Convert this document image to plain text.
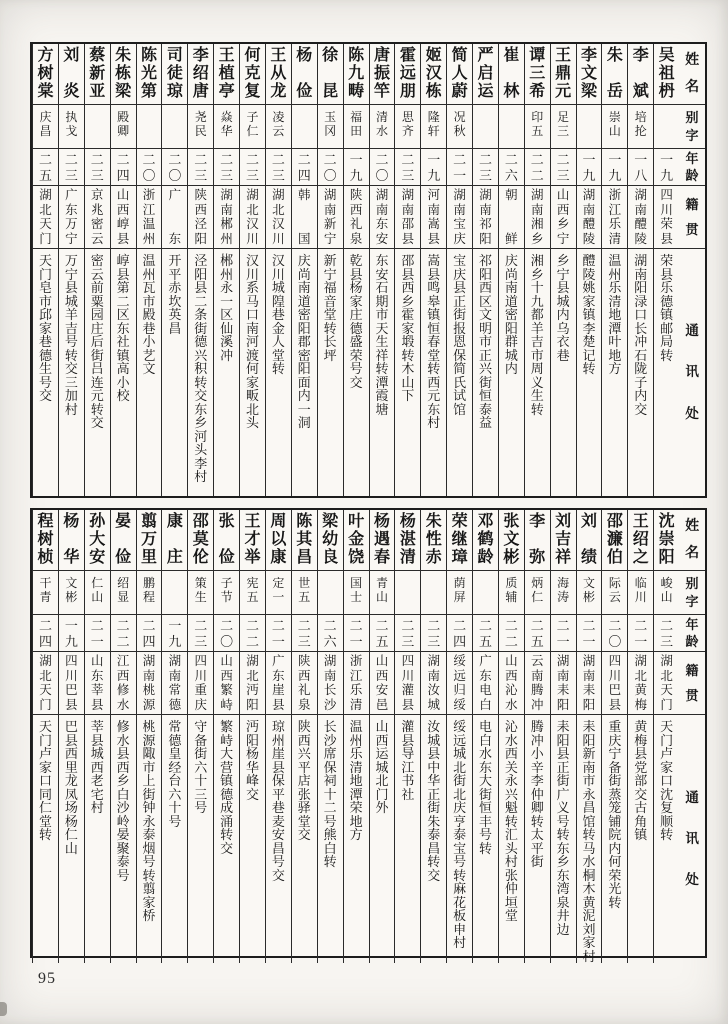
姓
名
别
字
年
龄
籍
贯
通
讯
处
吴
祖
枬
一
九
四
川
荣
县
荣
县
乐
德
镇
邮
局
转
李
斌
培
抡
一
八
湖
南
醴
陵
湖
南
阳
渌
口
长
冲
石
陇
子
内
交
朱
岳
崇
山
一
九
浙
江
乐
清
温
州
乐
清
地
潭
叶
地
方
李
文
梁
一
九
湖
南
醴
陵
醴
陵
姚
家
镇
李
楚
记
转
王
鼎
元
足
三
二
三
山
西
乡
宁
乡
宁
县
城
内
乌
衣
巷
谭
三
希
印
五
二
二
湖
南
湘
乡
湘
乡
十
九
都
羊
吉
市
周
义
生
转
崔
林
二
六
朝
鲜
庆
尚
南
道
密
阳
群
城
内
严
启
运
二
三
湖
南
祁
阳
祁
阳
西
区
文
明
市
正
兴
街
恒
泰
益
简
人
蔚
况
秋
二
一
湖
南
宝
庆
宝
庆
县
正
街
报
恩
保
简
氏
试
馆
姬
汉
栋
隆
轩
一
九
河
南
嵩
县
嵩
县
鸣
皋
镇
恒
春
堂
转
西
元
东
村
霍
远
朋
思
齐
二
三
湖
南
邵
县
邵
县
西
乡
霍
家
塅
转
木
山
下
唐
振
竿
清
水
二
〇
湖
南
东
安
东
安
石
期
市
天
生
祥
转
潭
霞
塘
陈
九
畴
福
田
一
九
陕
西
礼
泉
乾
县
杨
家
庄
德
盛
荣
号
交
徐
昆
玉
冈
二
〇
湖
南
新
宁
新
宁
福
音
堂
转
长
坪
杨
俭
二
四
韩
国
庆
尚
南
道
密
阳
郡
密
阳
面
内
一
洞
王
从
龙
凌
云
二
三
湖
北
汉
川
汉
川
城
隍
巷
金
人
堂
转
何
克
复
子
仁
二
三
湖
北
汉
川
汉
川
系
马
口
南
河
渡
何
家
畈
北
头
王
植
亭
焱
华
二
三
湖
南
郴
州
郴
州
永
一
区
仙
溪
冲
李
绍
唐
尧
民
二
三
陕
西
泾
阳
泾
阳
县
二
条
街
德
兴
积
转
交
东
乡
河
头
李
村
司
徒
琼
二
〇
广
东
开
平
赤
坎
英
昌
陈
光
第
二
〇
浙
江
温
州
温
州
瓦
市
殿
巷
小
艺
文
朱
栋
梁
殿
卿
二
四
山
西
崞
县
崞
县
第
二
区
东
社
镇
高
小
校
蔡
新
亚
二
三
京
兆
密
云
密
云
前
粟
园
庄
后
街
吕
连
元
转
交
刘
炎
执
戈
二
三
广
东
万
宁
万
宁
县
城
羊
吉
号
转
交
三
加
村
方
树
棠
庆
昌
二
五
湖
北
天
门
天
门
皂
市
邱
家
巷
德
生
号
交
姓
名
别
字
年
龄
籍
贯
通
讯
处
沈
崇
阳
峻
山
二
三
湖
北
天
门
天
门
卢
家
口
沈
复
顺
转
王
绍
之
临
川
二
一
湖
北
黄
梅
黄
梅
县
党
部
交
古
角
镇
邵
濂
伯
际
云
二
〇
四
川
巴
县
重
庆
宁
备
街
蒸
笼
铺
院
内
何
荣
光
转
刘
绩
文
彬
二
一
湖
南
耒
阳
耒
阳
新
南
市
永
昌
馆
转
马
水
桐
木
黄
泥
刘
家
村
刘
吉
祥
海
涛
二
一
湖
南
耒
阳
耒
阳
县
正
街
广
义
号
转
东
乡
东
湾
泉
井
边
李
弥
炳
仁
二
五
云
南
腾
冲
腾
冲
小
辛
李
仲
卿
转
太
平
街
张
文
彬
质
辅
二
二
山
西
沁
水
沁
水
西
关
永
兴
魁
转
汇
头
村
张
仲
垣
堂
邓
鹤
龄
二
五
广
东
电
白
电
白
水
东
大
街
恒
丰
号
转
荣
继
璋
荫
屏
二
四
绥
远
归
绥
绥
远
城
北
街
北
庆
亨
泰
宝
号
转
麻
花
板
申
村
朱
性
赤
二
三
湖
南
汝
城
汝
城
县
中
华
正
街
朱
泰
昌
转
交
杨
湛
清
二
三
四
川
灌
县
灌
县
导
江
书
社
杨
遇
春
青
山
二
五
山
西
安
邑
山
西
运
城
北
门
外
叶
金
饶
国
士
二
一
浙
江
乐
清
温
州
乐
清
地
潭
荣
地
方
梁
幼
良
二
六
湖
南
长
沙
长
沙
席
保
祠
十
二
号
熊
白
转
陈
其
昌
世
五
二
三
陕
西
礼
泉
陕
西
兴
平
店
张
驿
堂
交
周
以
康
定
一
二
一
广
东
崖
县
琼
州
崖
县
保
平
巷
麦
安
昌
号
交
王
才
举
宪
五
二
二
湖
北
沔
阳
沔
阳
杨
华
峰
交
张
俭
子
节
二
〇
山
西
繁
峙
繁
峙
大
营
镇
德
成
涌
转
交
邵
莫
伦
策
生
二
三
四
川
重
庆
守
备
街
六
十
三
号
康
庄
一
九
湖
南
常
德
常
德
皇
经
台
六
十
号
翦
万
里
鹏
程
二
四
湖
南
桃
源
桃
源
陬
市
上
街
钟
永
泰
烟
号
转
翦
家
桥
晏
俭
绍
显
二
二
江
西
修
水
修
水
县
西
乡
白
沙
岭
晏
聚
泰
号
孙
大
安
仁
山
二
一
山
东
莘
县
莘
县
城
西
老
宅
村
杨
华
文
彬
一
九
四
川
巴
县
巴
县
西
里
龙
凤
场
杨
仁
山
程
树
桢
干
青
二
四
湖
北
天
门
天
门
卢
家
口
同
仁
堂
转
95
